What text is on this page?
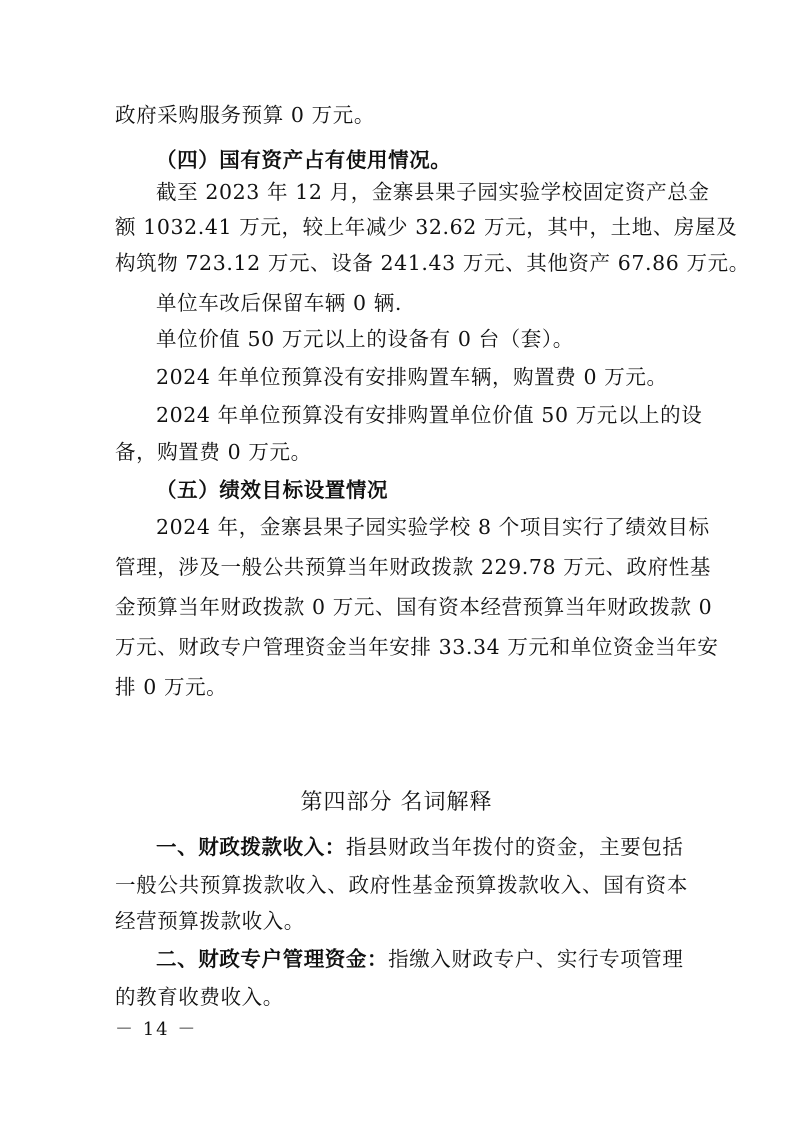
政府采购服务预算 0 万元。
（四）国有资产占有使用情况。
截至 2023 年 12 月，金寨县果子园实验学校固定资产总金
额 1032.41 万元，较上年减少 32.62 万元，其中，土地、房屋及
构筑物 723.12 万元、设备 241.43 万元、其他资产 67.86 万元。
单位车改后保留车辆 0 辆.
单位价值 50 万元以上的设备有 0 台（套）。
2024 年单位预算没有安排购置车辆，购置费 0 万元。
2024 年单位预算没有安排购置单位价值 50 万元以上的设
备，购置费 0 万元。
（五）绩效目标设置情况
2024 年，金寨县果子园实验学校 8 个项目实行了绩效目标
管理，涉及一般公共预算当年财政拨款 229.78 万元、政府性基
金预算当年财政拨款 0 万元、国有资本经营预算当年财政拨款 0
万元、财政专户管理资金当年安排 33.34 万元和单位资金当年安
排 0 万元。
第四部分 名词解释
一、财政拨款收入：指县财政当年拨付的资金，主要包括
一般公共预算拨款收入、政府性基金预算拨款收入、国有资本
经营预算拨款收入。
二、财政专户管理资金：指缴入财政专户、实行专项管理
的教育收费收入。
－ 14 －
